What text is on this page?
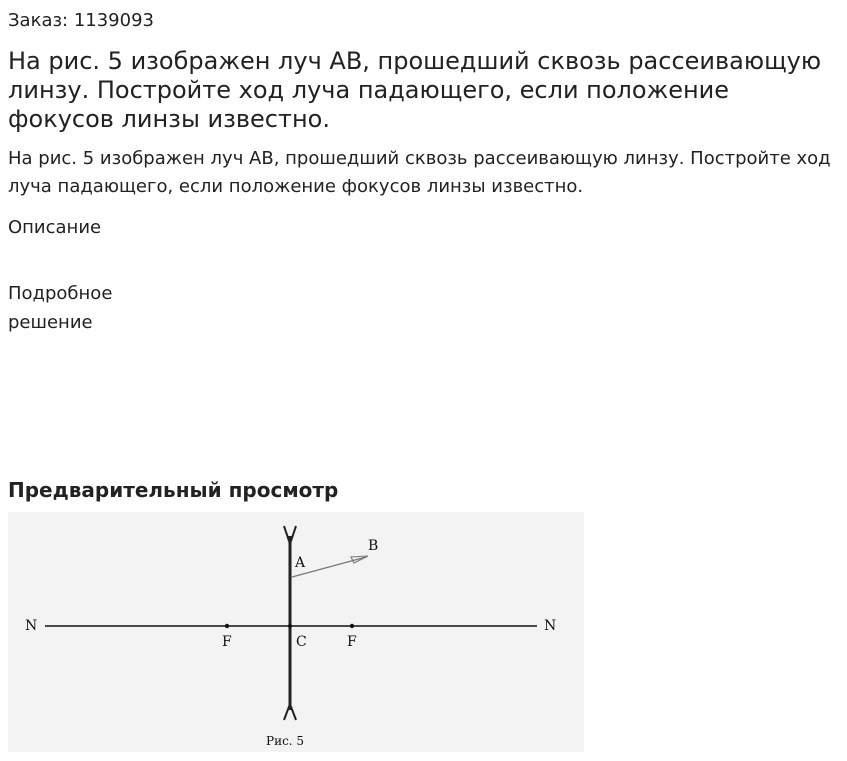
Заказ: 1139093

На рис. 5 изображен луч АВ, прошедший сквозь рассеивающую линзу. Постройте ход луча падающего, если положение фокусов линзы известно.

На рис. 5 изображен луч АВ, прошедший сквозь рассеивающую линзу. Постройте ход луча падающего, если положение фокусов линзы известно.

Описание

Подробное решение

Предварительный просмотр
N	N
A
B
F	C	F
Рис. 5
